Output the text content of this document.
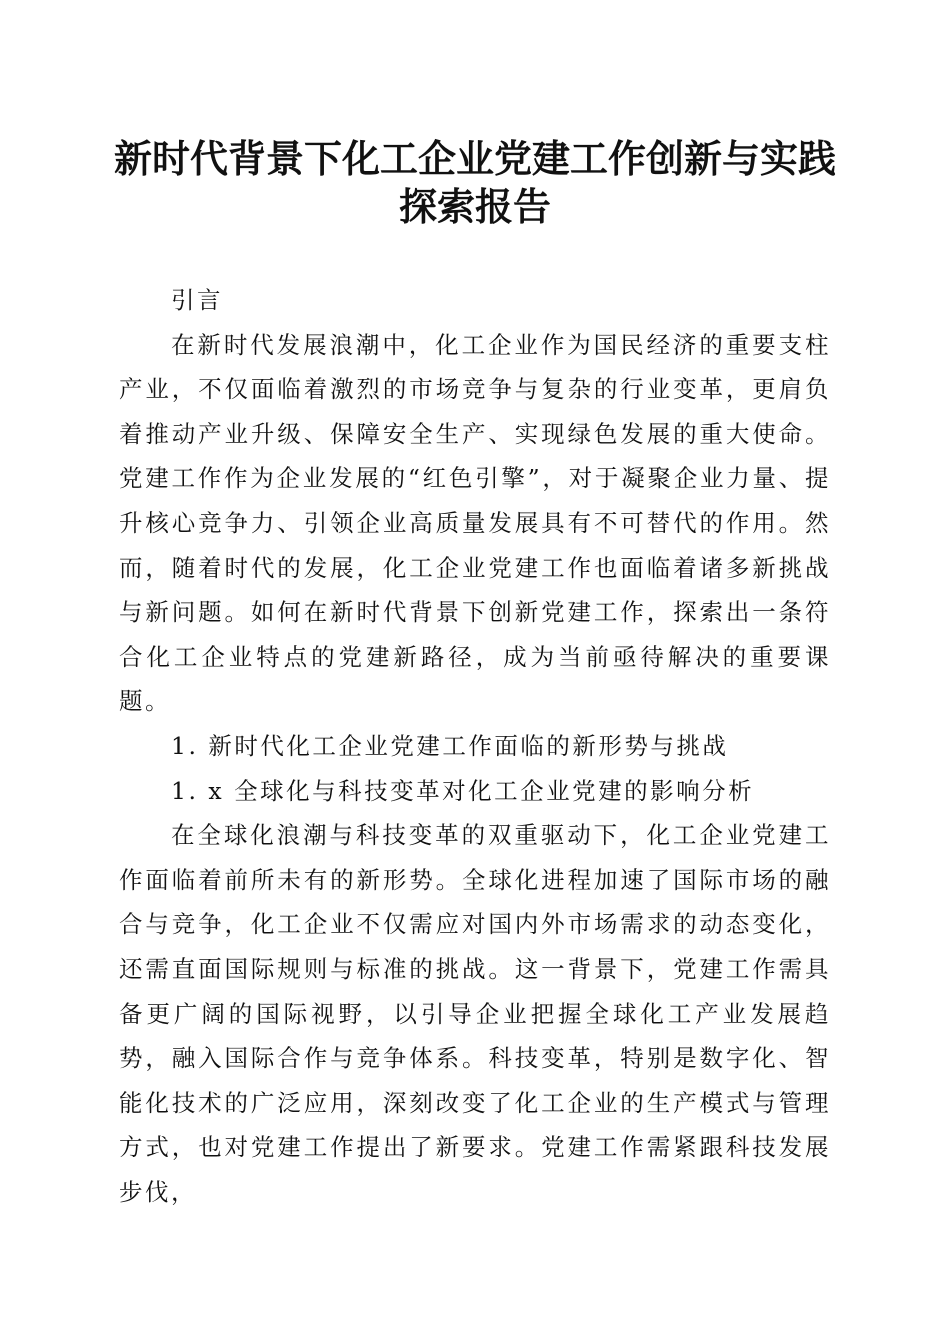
新时代背景下化工企业党建工作创新与实践探索报告

引言

在新时代发展浪潮中，化工企业作为国民经济的重要支柱产业，不仅面临着激烈的市场竞争与复杂的行业变革，更肩负着推动产业升级、保障安全生产、实现绿色发展的重大使命。党建工作作为企业发展的“红色引擎”，对于凝聚企业力量、提升核心竞争力、引领企业高质量发展具有不可替代的作用。然而，随着时代的发展，化工企业党建工作也面临着诸多新挑战与新问题。如何在新时代背景下创新党建工作，探索出一条符合化工企业特点的党建新路径，成为当前亟待解决的重要课题。

1. 新时代化工企业党建工作面临的新形势与挑战

1. x 全球化与科技变革对化工企业党建的影响分析

在全球化浪潮与科技变革的双重驱动下，化工企业党建工作面临着前所未有的新形势。全球化进程加速了国际市场的融合与竞争，化工企业不仅需应对国内外市场需求的动态变化，还需直面国际规则与标准的挑战。这一背景下，党建工作需具备更广阔的国际视野，以引导企业把握全球化工产业发展趋势，融入国际合作与竞争体系。科技变革，特别是数字化、智能化技术的广泛应用，深刻改变了化工企业的生产模式与管理方式，也对党建工作提出了新要求。党建工作需紧跟科技发展步伐，
